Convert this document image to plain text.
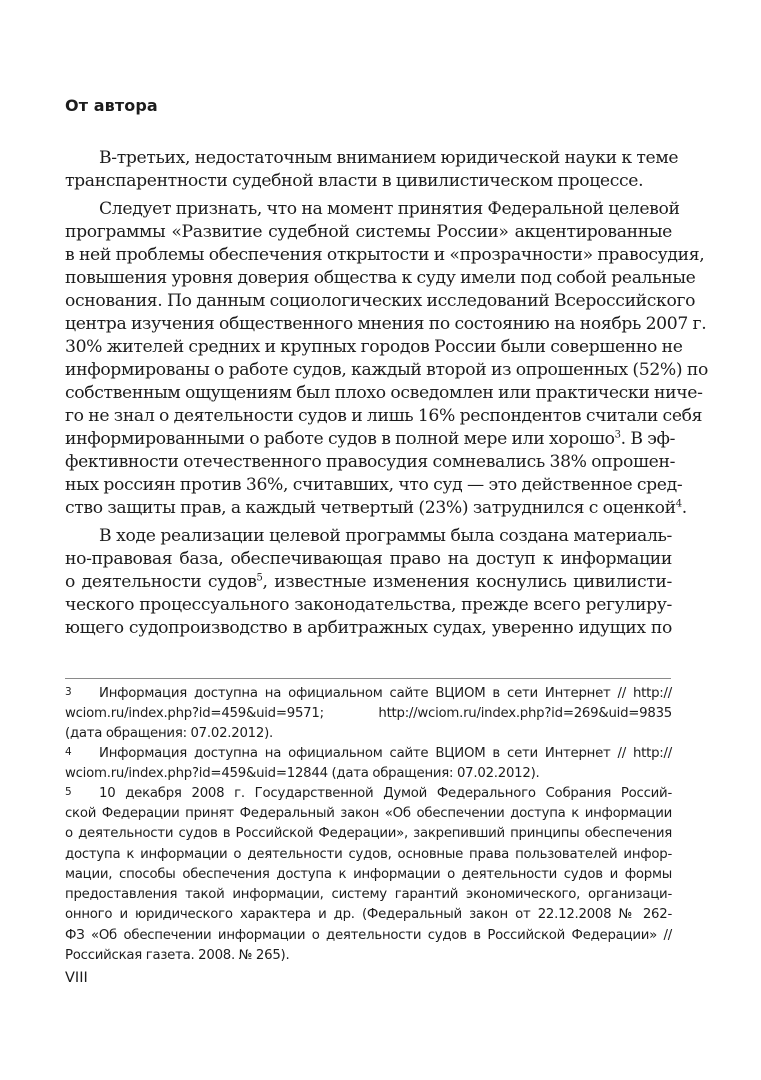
От автора
В-третьих, недостаточным вниманием юридической науки к теме
транспарентности судебной власти в цивилистическом процессе.
Следует признать, что на момент принятия Федеральной целевой
программы «Развитие судебной системы России» акцентированные
в ней проблемы обеспечения открытости и «прозрачности» правосудия,
повышения уровня доверия общества к суду имели под собой реальные
основания. По данным социологических исследований Всероссийского
центра изучения общественного мнения по состоянию на ноябрь 2007 г.
30% жителей средних и крупных городов России были совершенно не
информированы о работе судов, каждый второй из опрошенных (52%) по
собственным ощущениям был плохо осведомлен или практически ниче-
го не знал о деятельности судов и лишь 16% респондентов считали себя
информированными о работе судов в полной мере или хорошо$^3$. В эф-
фективности отечественного правосудия сомневались 38% опрошен-
ных россиян против 36%, считавших, что суд — это действенное сред-
ство защиты прав, а каждый четвертый (23%) затруднился с оценкой$^4$.
В ходе реализации целевой программы была создана материаль-
но-правовая база, обеспечивающая право на доступ к информации
о деятельности судов$^5$, известные изменения коснулись цивилисти-
ческого процессуального законодательства, прежде всего регулиру-
ющего судопроизводство в арбитражных судах, уверенно идущих по
3 Информация доступна на официальном сайте ВЦИОМ в сети Интернет // http://
wciom.ru/index.php?id=459&uid=9571; http://wciom.ru/index.php?id=269&uid=9835
(дата обращения: 07.02.2012).
4 Информация доступна на официальном сайте ВЦИОМ в сети Интернет // http://
wciom.ru/index.php?id=459&uid=12844 (дата обращения: 07.02.2012).
5 10 декабря 2008 г. Государственной Думой Федерального Собрания Россий-
ской Федерации принят Федеральный закон «Об обеспечении доступа к информации
о деятельности судов в Российской Федерации», закрепивший принципы обеспечения
доступа к информации о деятельности судов, основные права пользователей инфор-
мации, способы обеспечения доступа к информации о деятельности судов и формы
предоставления такой информации, систему гарантий экономического, организаци-
онного и юридического характера и др. (Федеральный закон от 22.12.2008 № 262-
ФЗ «Об обеспечении информации о деятельности судов в Российской Федерации» //
Российская газета. 2008. № 265).
VIII
